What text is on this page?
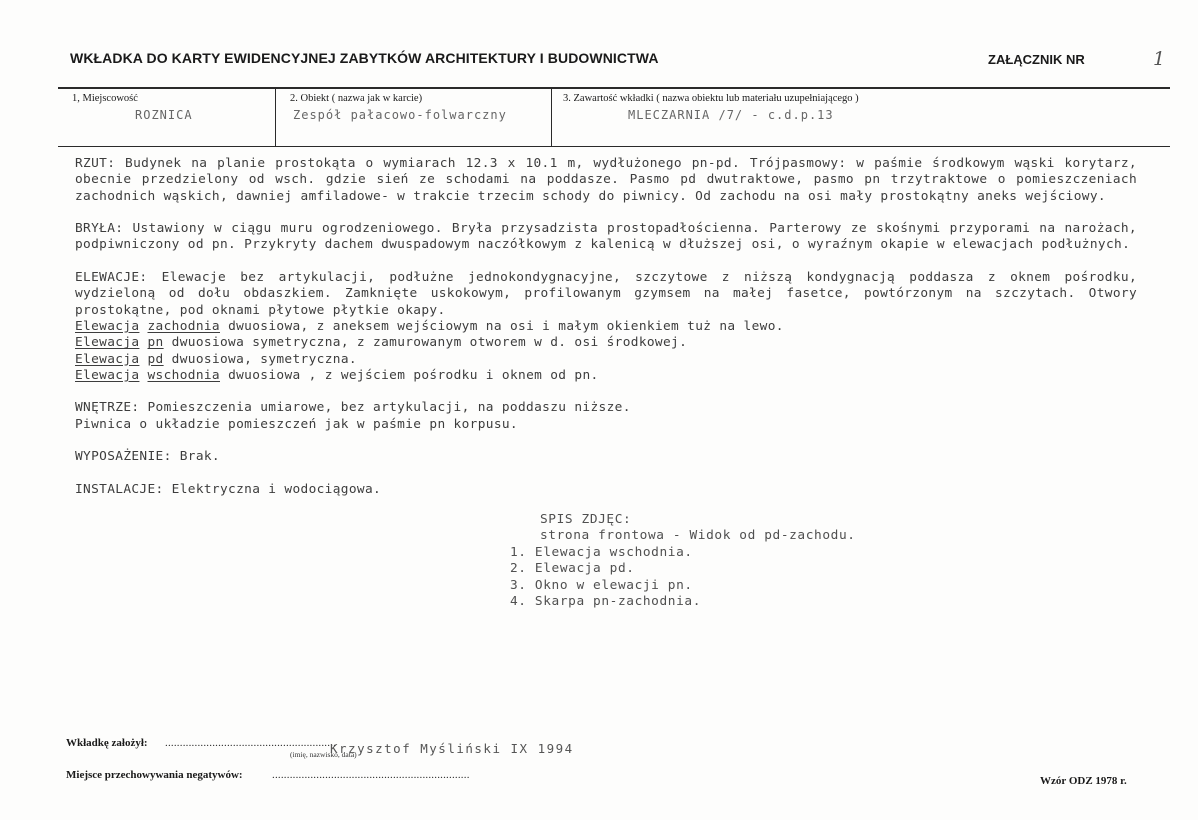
WKŁADKA DO KARTY EWIDENCYJNEJ ZABYTKÓW ARCHITEKTURY I BUDOWNICTWA	ZAŁĄCZNIK NR	1
1, Miejscowość
ROZNICA
2. Obiekt ( nazwa jak w karcie)
Zespół pałacowo-folwarczny
3. Zawartość wkładki ( nazwa obiektu lub materiału uzupełniającego )
MLECZARNIA /7/ - c.d.p.13

RZUT: Budynek na planie prostokąta o wymiarach 12.3 x 10.1 m, wydłużonego pn-pd. Trójpasmowy: w paśmie środkowym wąski korytarz, obecnie przedzielony od wsch. gdzie sień ze schodami na poddasze. Pasmo pd dwutraktowe, pasmo pn trzytraktowe o pomieszczeniach zachodnich wąskich, dawniej amfiladowe- w trakcie trzecim schody do piwnicy. Od zachodu na osi mały prostokątny aneks wejściowy.

BRYŁA: Ustawiony w ciągu muru ogrodzeniowego. Bryła przysadzista prostopadłościenna. Parterowy ze skośnymi przyporami na narożach, podpiwniczony od pn. Przykryty dachem dwuspadowym naczółkowym z kalenicą w dłuższej osi, o wyraźnym okapie w elewacjach podłużnych.

ELEWACJE: Elewacje bez artykulacji, podłużne jednokondygnacyjne, szczytowe z niższą kondygnacją poddasza z oknem pośrodku, wydzieloną od dołu obdaszkiem. Zamknięte uskokowym, profilowanym gzymsem na małej fasetce, powtórzonym na szczytach. Otwory prostokątne, pod oknami płytowe płytkie okapy.

Elewacja zachodnia dwuosiowa, z aneksem wejściowym na osi i małym okienkiem tuż na lewo.
Elewacja pn dwuosiowa symetryczna, z zamurowanym otworem w d. osi środkowej.
Elewacja pd dwuosiowa, symetryczna.
Elewacja wschodnia dwuosiowa , z wejściem pośrodku i oknem od pn.
WNĘTRZE: Pomieszczenia umiarowe, bez artykulacji, na poddaszu niższe.
Piwnica o układzie pomieszczeń jak w paśmie pn korpusu.
WYPOSAŻENIE: Brak.
INSTALACJE: Elektryczna i wodociągowa.
SPIS ZDJĘC:
strona frontowa - Widok od pd-zachodu.
1. Elewacja wschodnia.
2. Elewacja pd.
3. Okno w elewacji pn.
4. Skarpa pn-zachodnia.
Wkładkę założył: ..........................................................
(imię, nazwisko, data)
Krzysztof Myśliński IX 1994
Miejsce przechowywania negatywów:	...................................................................	Wzór ODZ 1978 r.
